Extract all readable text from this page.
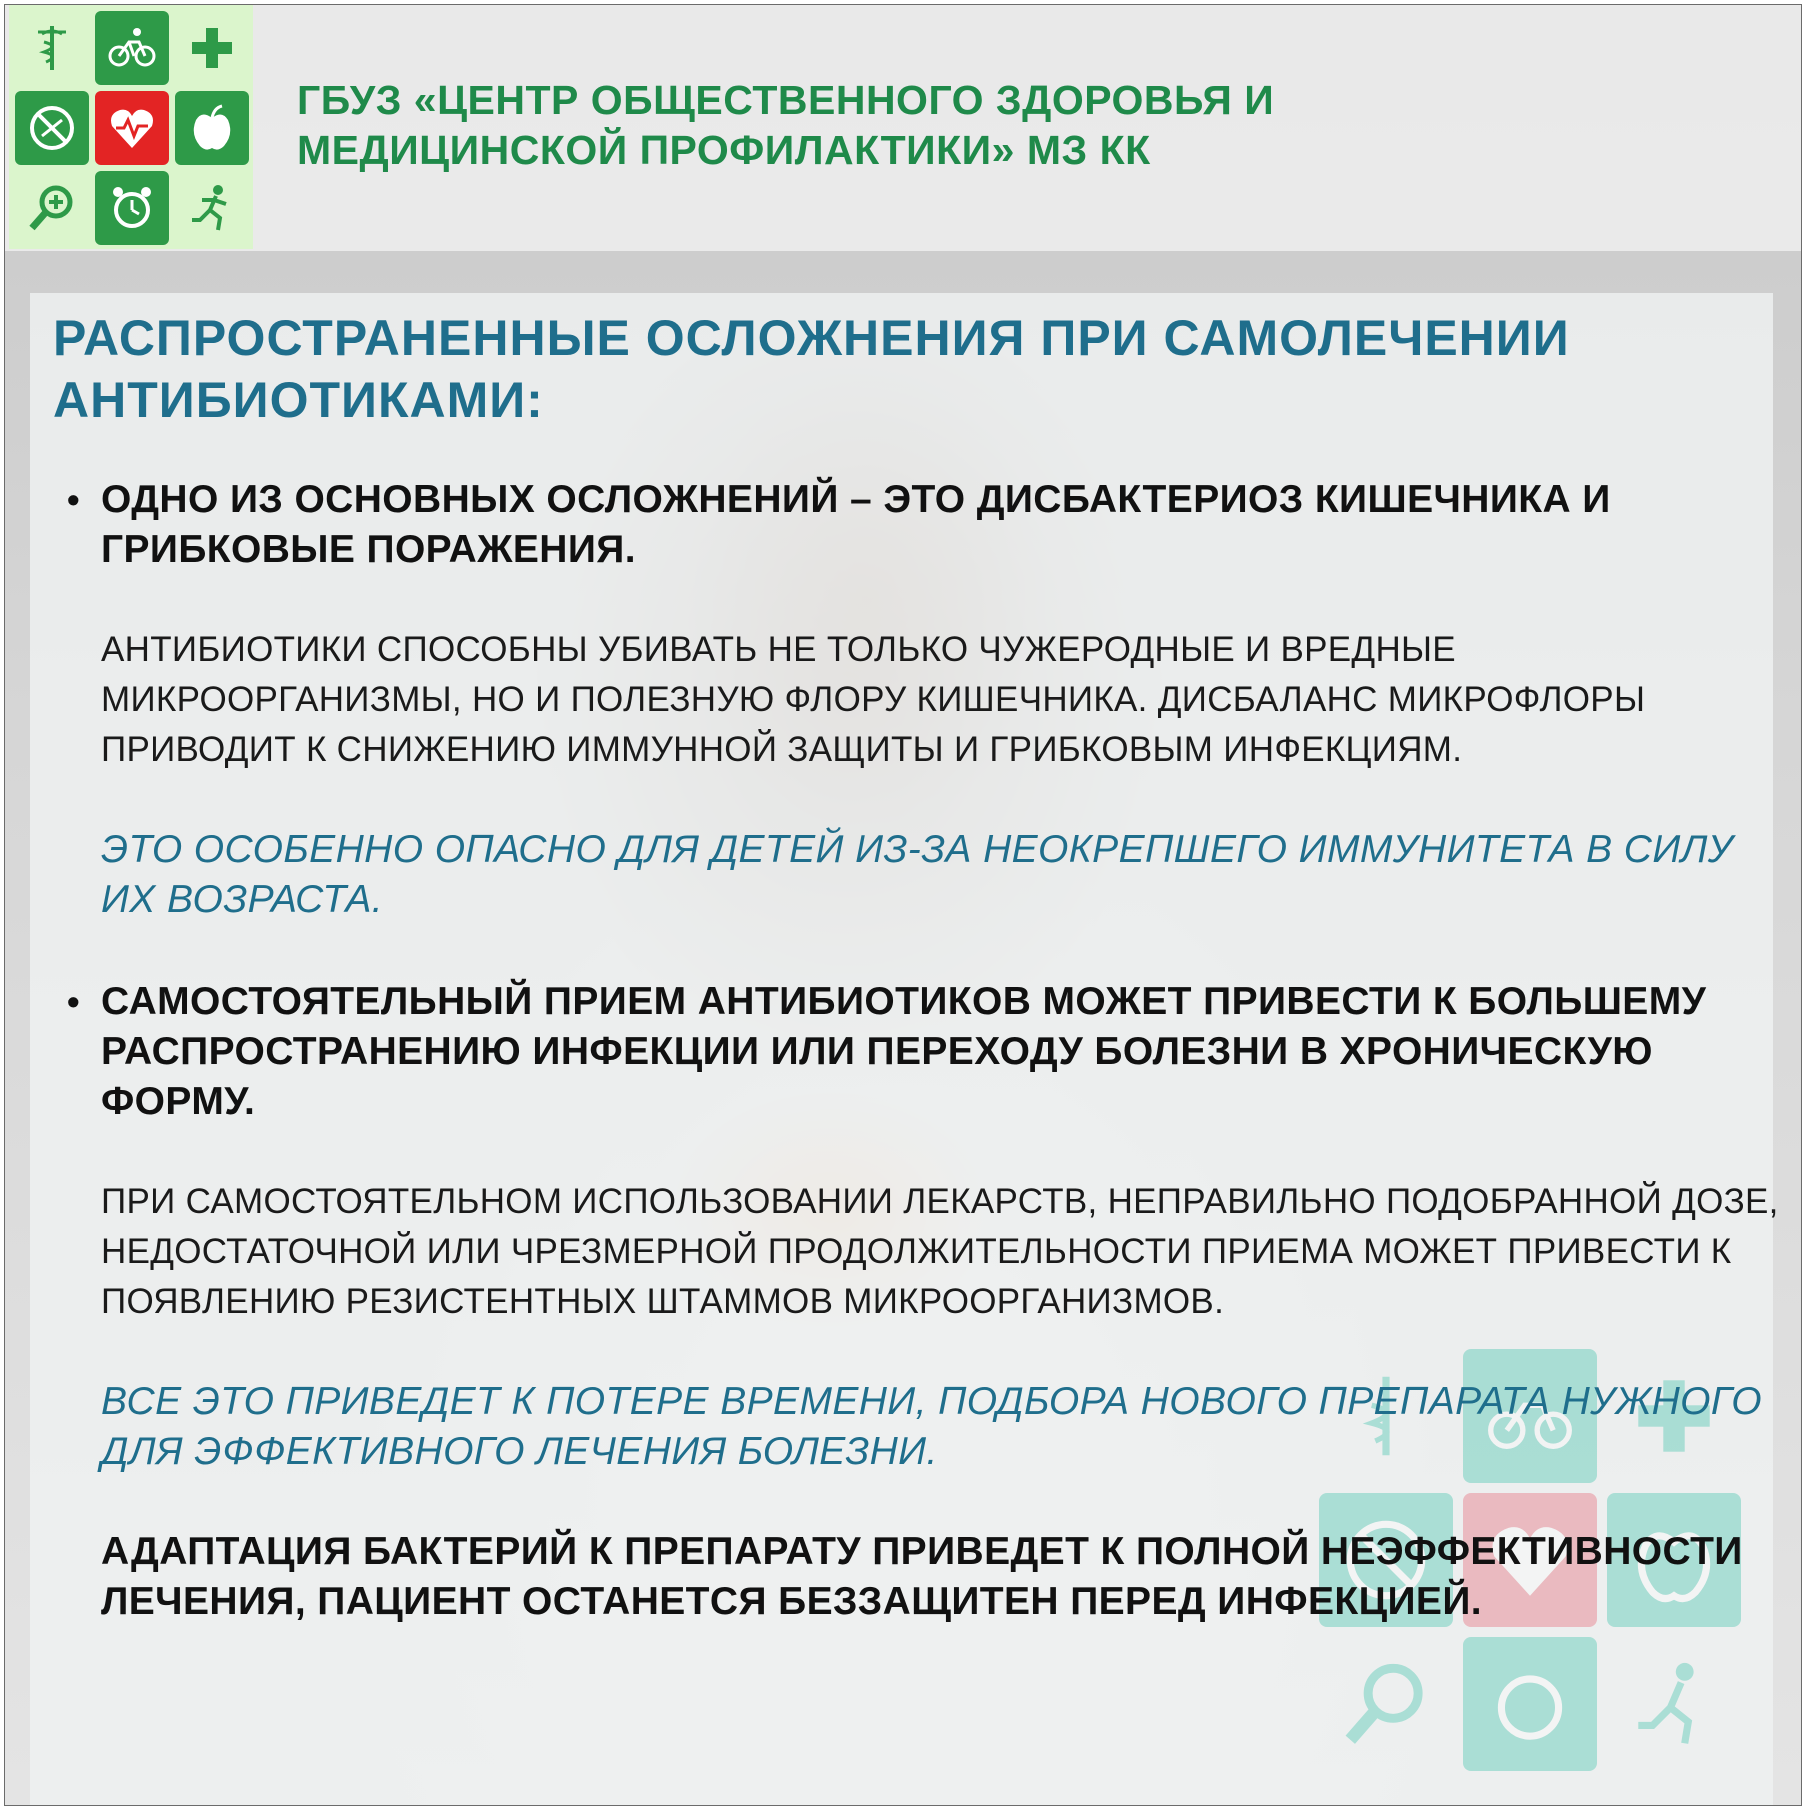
ГБУЗ «ЦЕНТР ОБЩЕСТВЕННОГО ЗДОРОВЬЯ И
МЕДИЦИНСКОЙ ПРОФИЛАКТИКИ» МЗ КК
РАСПРОСТРАНЕННЫЕ ОСЛОЖНЕНИЯ ПРИ САМОЛЕЧЕНИИ
АНТИБИОТИКАМИ:
• ОДНО ИЗ ОСНОВНЫХ ОСЛОЖНЕНИЙ – ЭТО ДИСБАКТЕРИОЗ КИШЕЧНИКА И ГРИБКОВЫЕ ПОРАЖЕНИЯ.
АНТИБИОТИКИ СПОСОБНЫ УБИВАТЬ НЕ ТОЛЬКО ЧУЖЕРОДНЫЕ И ВРЕДНЫЕ МИКРООРГАНИЗМЫ, НО И ПОЛЕЗНУЮ ФЛОРУ КИШЕЧНИКА. ДИСБАЛАНС МИКРОФЛОРЫ ПРИВОДИТ К СНИЖЕНИЮ ИММУННОЙ ЗАЩИТЫ И ГРИБКОВЫМ ИНФЕКЦИЯМ.
ЭТО ОСОБЕННО ОПАСНО ДЛЯ ДЕТЕЙ ИЗ-ЗА НЕОКРЕПШЕГО ИММУНИТЕТА В СИЛУ ИХ ВОЗРАСТА.
• САМОСТОЯТЕЛЬНЫЙ ПРИЕМ АНТИБИОТИКОВ МОЖЕТ ПРИВЕСТИ К БОЛЬШЕМУ РАСПРОСТРАНЕНИЮ ИНФЕКЦИИ ИЛИ ПЕРЕХОДУ БОЛЕЗНИ В ХРОНИЧЕСКУЮ ФОРМУ.
ПРИ САМОСТОЯТЕЛЬНОМ ИСПОЛЬЗОВАНИИ ЛЕКАРСТВ, НЕПРАВИЛЬНО ПОДОБРАННОЙ ДОЗЕ, НЕДОСТАТОЧНОЙ ИЛИ ЧРЕЗМЕРНОЙ ПРОДОЛЖИТЕЛЬНОСТИ ПРИЕМА МОЖЕТ ПРИВЕСТИ К ПОЯВЛЕНИЮ РЕЗИСТЕНТНЫХ ШТАММОВ МИКРООРГАНИЗМОВ.
ВСЕ ЭТО ПРИВЕДЕТ К ПОТЕРЕ ВРЕМЕНИ, ПОДБОРА НОВОГО ПРЕПАРАТА НУЖНОГО ДЛЯ ЭФФЕКТИВНОГО ЛЕЧЕНИЯ БОЛЕЗНИ.
АДАПТАЦИЯ БАКТЕРИЙ К ПРЕПАРАТУ ПРИВЕДЕТ К ПОЛНОЙ НЕЭФФЕКТИВНОСТИ ЛЕЧЕНИЯ, ПАЦИЕНТ ОСТАНЕТСЯ БЕЗЗАЩИТЕН ПЕРЕД ИНФЕКЦИЕЙ.
